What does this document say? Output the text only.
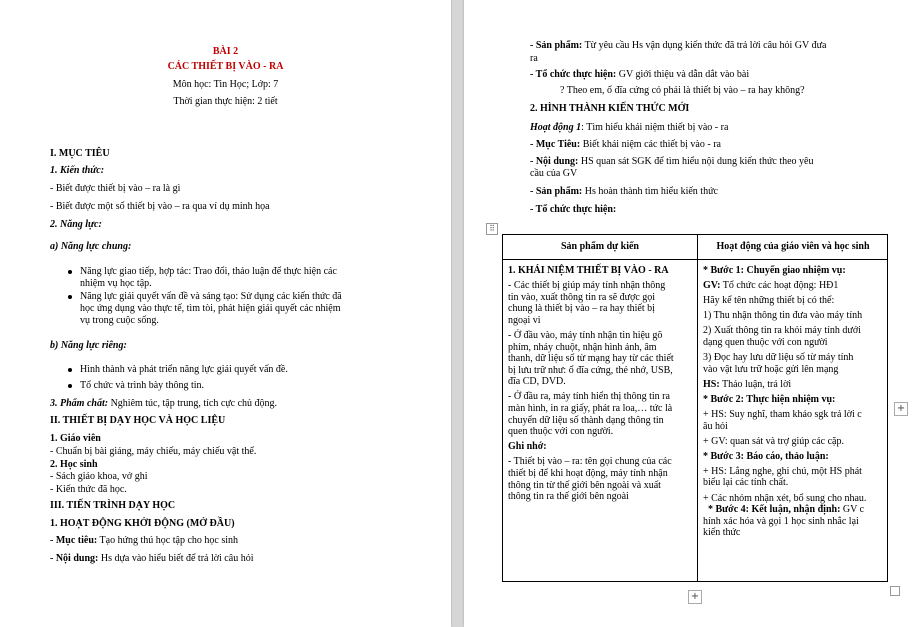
BÀI 2
CÁC THIẾT BỊ VÀO - RA
Môn học: Tin Học; Lớp: 7
Thời gian thực hiện: 2 tiết
I. MỤC TIÊU
1. Kiến thức:
- Biết được thiết bị vào – ra là gì
- Biết được một số thiết bị vào – ra qua ví dụ minh họa
2. Năng lực:
a) Năng lực chung:
Năng lực giao tiếp, hợp tác: Trao đổi, thảo luận để thực hiện các
nhiệm vụ học tập.
Năng lực giải quyết vấn đề và sáng tạo: Sử dụng các kiến thức đã
học ứng dụng vào thực tế, tìm tòi, phát hiện giải quyết các nhiệm
vụ trong cuộc sống.
b) Năng lực riêng:
Hình thành và phát triển năng lực giải quyết vấn đề.
Tổ chức và trình bày thông tin.
3. Phẩm chất: Nghiêm túc, tập trung, tích cực chủ động.
II. THIẾT BỊ DẠY HỌC VÀ HỌC LIỆU
1. Giáo viên
- Chuẩn bị bài giảng, máy chiếu, máy chiếu vật thể.
2. Học sinh
- Sách giáo khoa, vở ghi
- Kiến thức đã học.
III. TIẾN TRÌNH DẠY HỌC
1. HOẠT ĐỘNG KHỞI ĐỘNG (MỞ ĐẦU)
- Mục tiêu: Tạo hứng thú học tập cho học sinh
- Nội dung: Hs dựa vào hiểu biết để trả lời câu hỏi
- Sản phẩm: Từ yêu cầu Hs vận dụng kiến thức đã trả lời câu hỏi GV đưa
ra
- Tổ chức thực hiện: GV giới thiệu và dẫn dắt vào bài
? Theo em, ổ đĩa cứng có phải là thiết bị vào – ra hay không?
2. HÌNH THÀNH KIẾN THỨC MỚI
Hoạt động 1: Tìm hiểu khái niệm thiết bị vào - ra
- Mục Tiêu: Biết khái niệm các thiết bị vào - ra
- Nội dung: HS quan sát SGK để tìm hiểu nội dung kiến thức theo yêu
cầu của GV
- Sản phẩm: Hs hoàn thành tìm hiểu kiến thức
- Tổ chức thực hiện:
⠿
Sản phẩm dự kiến	Hoạt động của giáo viên và học sinh

1. KHÁI NIỆM THIẾT BỊ VÀO - RA

- Các thiết bị giúp máy tính nhận thông
tin vào, xuất thông tin ra sẽ được gọi
chung là thiết bị vào – ra hay thiết bị
ngoại vi

- Ở đầu vào, máy tính nhận tin hiệu gõ
phím, nháy chuột, nhận hình ảnh, âm
thanh, dữ liệu số từ mạng hay từ các thiết
bị lưu trữ như: ổ đĩa cứng, thẻ nhớ, USB,
đĩa CD, DVD.

- Ở đầu ra, máy tính hiển thị thông tin ra
màn hình, in ra giấy, phát ra loa,… tức là
chuyển dữ liệu số thành dạng thông tin
quen thuộc với con người.

Ghi nhớ:

- Thiết bị vào – ra: tên gọi chung của các
thiết bị để khi hoạt động, máy tính nhận
thông tin từ thế giới bên ngoài và xuất
thông tin ra thế giới bên ngoài

* Bước 1: Chuyển giao nhiệm vụ:

GV: Tổ chức các hoạt động: HĐ1

Hãy kể tên những thiết bị có thể:

1) Thu nhận thông tin đưa vào máy tính

2) Xuất thông tin ra khỏi máy tính dưới
dạng quen thuộc với con người

3) Đọc hay lưu dữ liệu số từ máy tính
vào vật lưu trữ hoặc gửi lên mạng

HS: Thảo luận, trả lời

* Bước 2: Thực hiện nhiệm vụ:

+ HS: Suy nghĩ, tham khảo sgk trả lời c
âu hỏi

+ GV: quan sát và trợ giúp các cặp.

* Bước 3: Báo cáo, thảo luận:

+ HS: Lắng nghe, ghi chú, một HS phát
biểu lại các tính chất.

+ Các nhóm nhận xét, bổ sung cho nhau.

* Bước 4: Kết luận, nhận định: GV c
hính xác hóa và gọi 1 học sinh nhắc lại
kiến thức

+
+
